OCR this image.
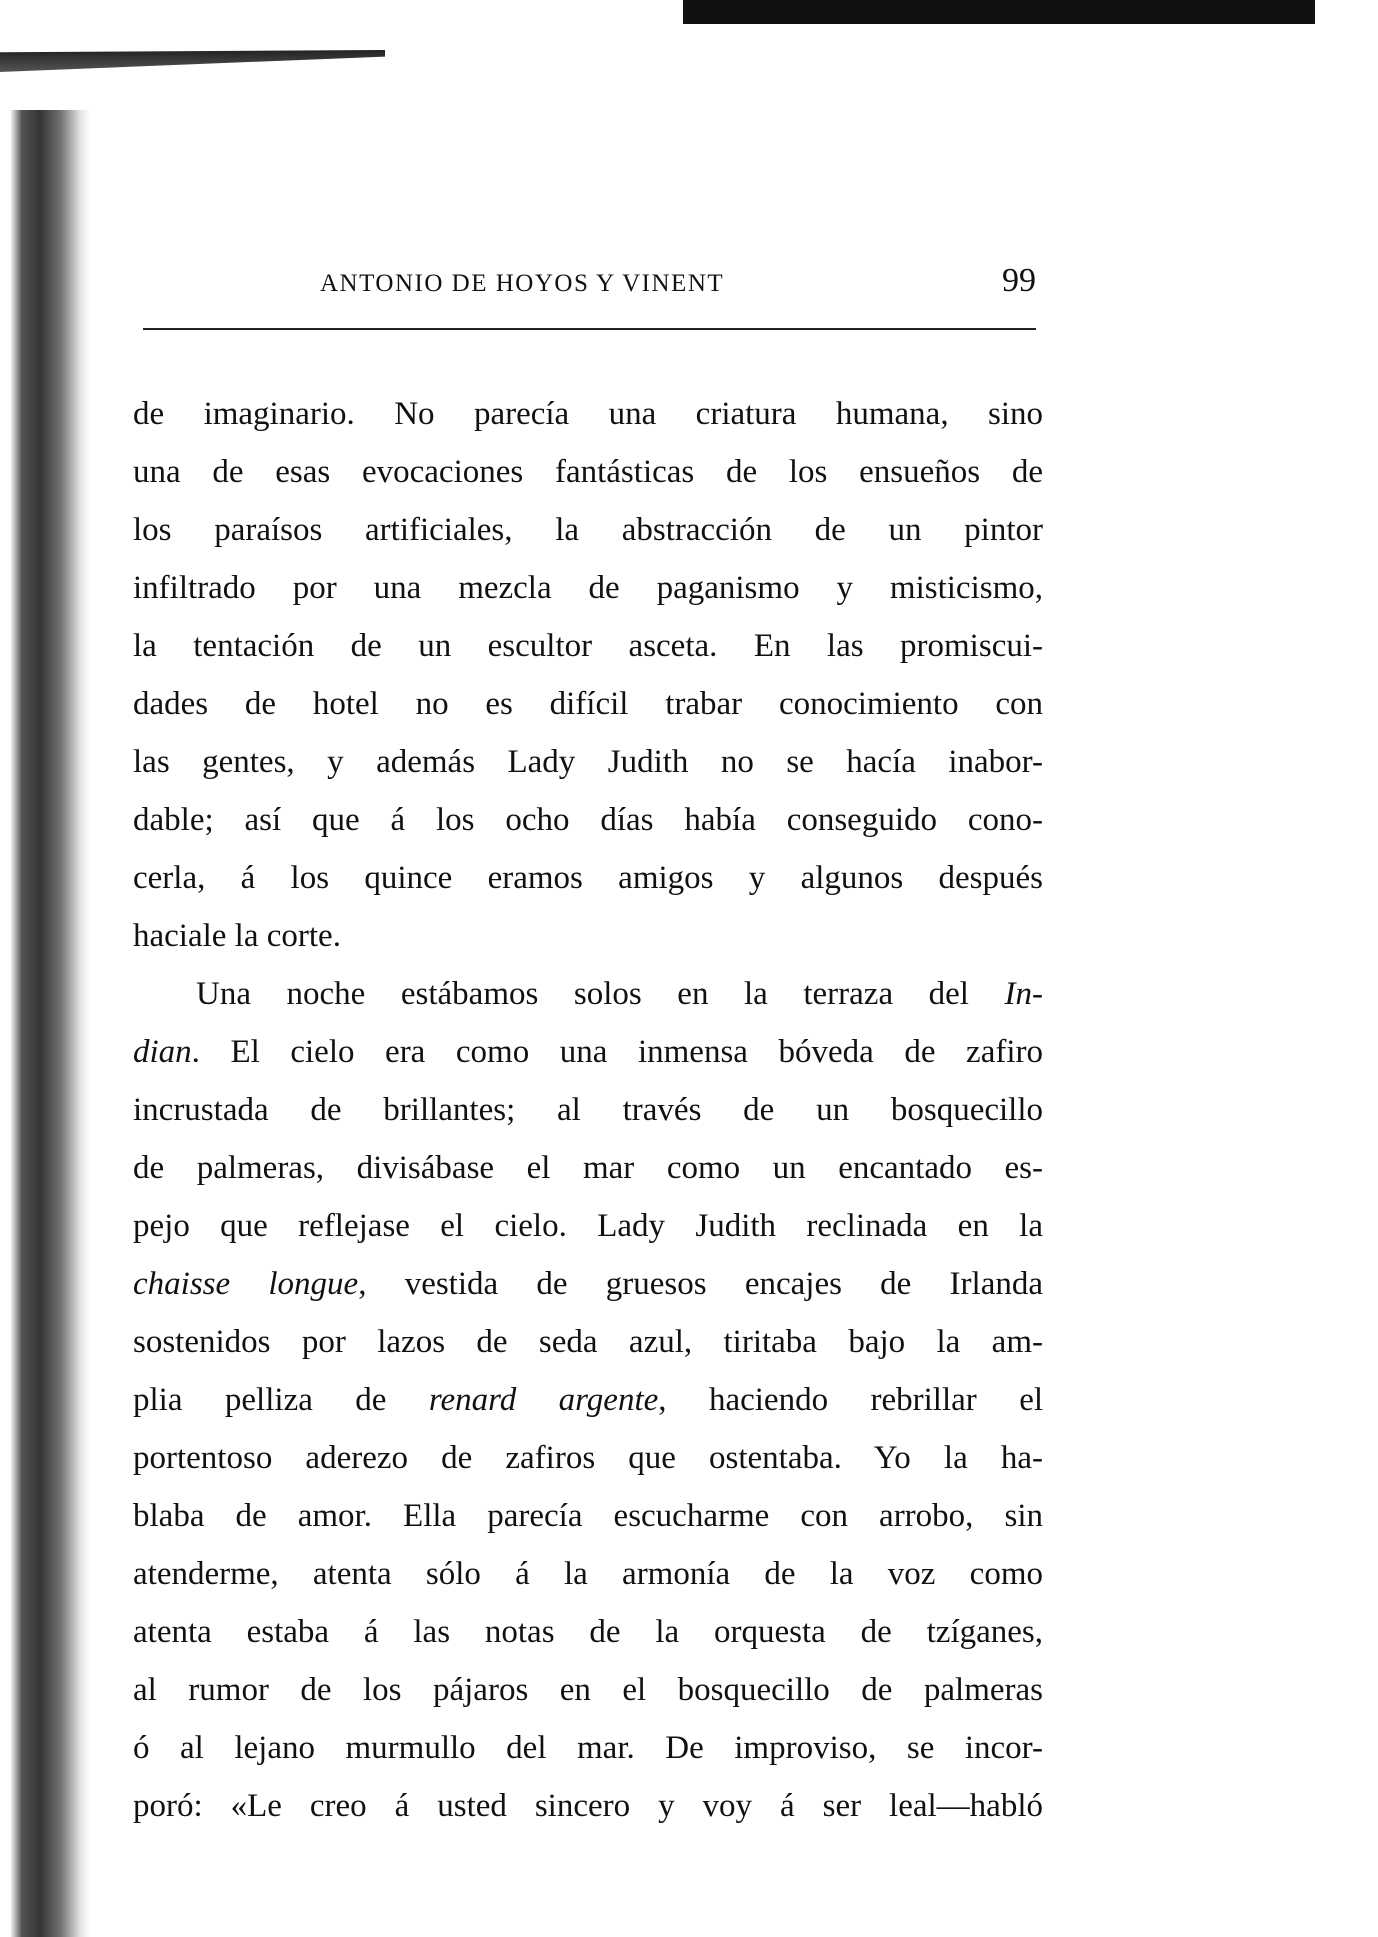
ANTONIO DE HOYOS Y VINENT	99
de imaginario. No parecía una criatura humana, sino
una de esas evocaciones fantásticas de los ensueños de
los paraísos artificiales, la abstracción de un pintor
infiltrado por una mezcla de paganismo y misticismo,
la tentación de un escultor asceta. En las promiscui-
dades de hotel no es difícil trabar conocimiento con
las gentes, y además Lady Judith no se hacía inabor-
dable; así que á los ocho días había conseguido cono-
cerla, á los quince eramos amigos y algunos después
haciale la corte.
Una noche estábamos solos en la terraza del In-
dian. El cielo era como una inmensa bóveda de zafiro
incrustada de brillantes; al través de un bosquecillo
de palmeras, divisábase el mar como un encantado es-
pejo que reflejase el cielo. Lady Judith reclinada en la
chaisse longue, vestida de gruesos encajes de Irlanda
sostenidos por lazos de seda azul, tiritaba bajo la am-
plia pelliza de renard argente, haciendo rebrillar el
portentoso aderezo de zafiros que ostentaba. Yo la ha-
blaba de amor. Ella parecía escucharme con arrobo, sin
atenderme, atenta sólo á la armonía de la voz como
atenta estaba á las notas de la orquesta de tzíganes,
al rumor de los pájaros en el bosquecillo de palmeras
ó al lejano murmullo del mar. De improviso, se incor-
poró: «Le creo á usted sincero y voy á ser leal—habló
